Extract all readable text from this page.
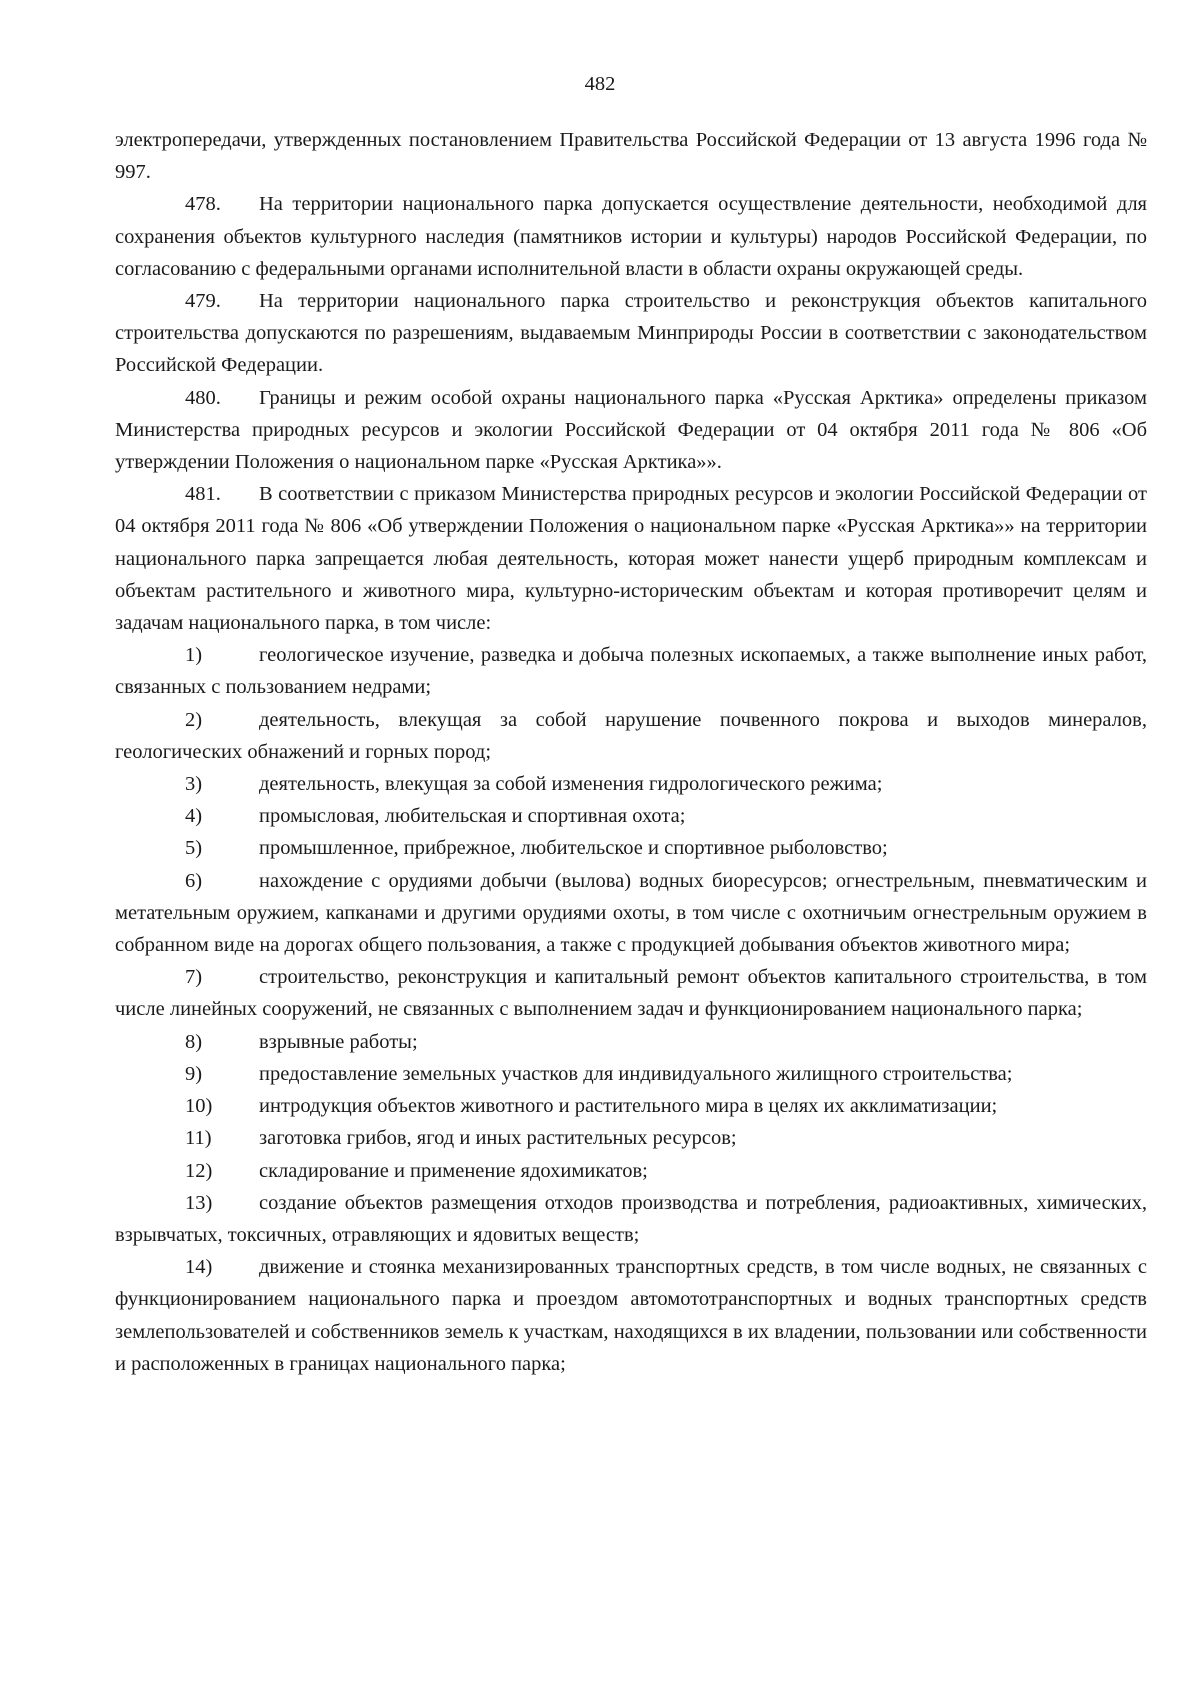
482

электропередачи, утвержденных постановлением Правительства Российской Федерации от 13 августа 1996 года № 997.

478. На территории национального парка допускается осуществление деятельности, необходимой для сохранения объектов культурного наследия (памятников истории и культуры) народов Российской Федерации, по согласованию с федеральными органами исполнительной власти в области охраны окружающей среды.

479. На территории национального парка строительство и реконструкция объектов капитального строительства допускаются по разрешениям, выдаваемым Минприроды России в соответствии с законодательством Российской Федерации.

480. Границы и режим особой охраны национального парка «Русская Арктика» определены приказом Министерства природных ресурсов и экологии Российской Федерации от 04 октября 2011 года № 806 «Об утверждении Положения о национальном парке «Русская Арктика»».

481. В соответствии с приказом Министерства природных ресурсов и экологии Российской Федерации от 04 октября 2011 года № 806 «Об утверждении Положения о национальном парке «Русская Арктика»» на территории национального парка запрещается любая деятельность, которая может нанести ущерб природным комплексам и объектам растительного и животного мира, культурно-историческим объектам и которая противоречит целям и задачам национального парка, в том числе:

1)	геологическое изучение, разведка и добыча полезных ископаемых, а также выполнение иных работ, связанных с пользованием недрами;

2)	деятельность, влекущая за собой нарушение почвенного покрова и выходов минералов, геологических обнажений и горных пород;

3)	деятельность, влекущая за собой изменения гидрологического режима;

4)	промысловая, любительская и спортивная охота;

5)	промышленное, прибрежное, любительское и спортивное рыболовство;

6)	нахождение с орудиями добычи (вылова) водных биоресурсов; огнестрельным, пневматическим и метательным оружием, капканами и другими орудиями охоты, в том числе с охотничьим огнестрельным оружием в собранном виде на дорогах общего пользования, а также с продукцией добывания объектов животного мира;

7)	строительство, реконструкция и капитальный ремонт объектов капитального строительства, в том числе линейных сооружений, не связанных с выполнением задач и функционированием национального парка;

8)	взрывные работы;

9)	предоставление земельных участков для индивидуального жилищного строительства;

10) интродукция объектов животного и растительного мира в целях их акклиматизации;

11) заготовка грибов, ягод и иных растительных ресурсов;

12) складирование и применение ядохимикатов;

13) создание объектов размещения отходов производства и потребления, радиоактивных, химических, взрывчатых, токсичных, отравляющих и ядовитых веществ;

14) движение и стоянка механизированных транспортных средств, в том числе водных, не связанных с функционированием национального парка и проездом автомототранспортных и водных транспортных средств землепользователей и собственников земель к участкам, находящихся в их владении, пользовании или собственности и расположенных в границах национального парка;
